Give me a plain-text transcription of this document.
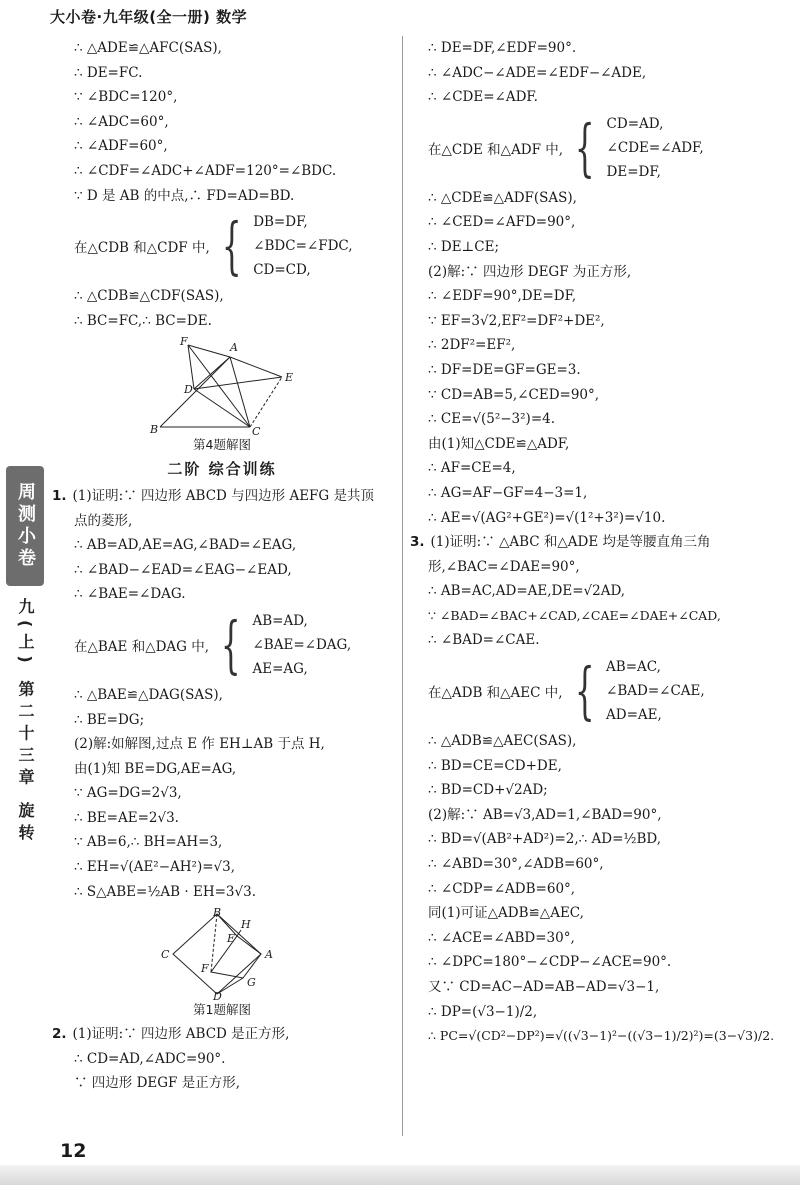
大小卷·九年级(全一册) 数学
周测小卷
九(上) 第二十三章 旋转
∴ △ADE≌△AFC(SAS),
∴ DE=FC.
∵ ∠BDC=120°,
∴ ∠ADC=60°,
∴ ∠ADF=60°,
∴ ∠CDF=∠ADC+∠ADF=120°=∠BDC.
∵ D 是 AB 的中点,∴ FD=AD=BD.
在△CDB 和△CDF 中, { DB=DF,
∠BDC=∠FDC,
CD=CD,
∴ △CDB≌△CDF(SAS),
∴ BC=FC,∴ BC=DE.
F	A
D
E
B	C
第4题解图
二阶 综合训练
1. (1)证明:∵ 四边形 ABCD 与四边形 AEFG 是共顶
点的菱形,
∴ AB=AD,AE=AG,∠BAD=∠EAG,
∴ ∠BAD−∠EAD=∠EAG−∠EAD,
∴ ∠BAE=∠DAG.
在△BAE 和△DAG 中, { AB=AD,
∠BAE=∠DAG,
AE=AG,
∴ △BAE≌△DAG(SAS),
∴ BE=DG;
(2)解:如解图,过点 E 作 EH⊥AB 于点 H,
由(1)知 BE=DG,AE=AG,
∵ AG=DG=2√3,
∴ BE=AE=2√3.
∵ AB=6,∴ BH=AH=3,
∴ EH=√(AE²−AH²)=√3,
∴ S△ABE=½AB · EH=3√3.
B
H
E
C	A
F
G
D
第1题解图
2. (1)证明:∵ 四边形 ABCD 是正方形,
∴ CD=AD,∠ADC=90°.
∵ 四边形 DEGF 是正方形,
∴ DE=DF,∠EDF=90°.
∴ ∠ADC−∠ADE=∠EDF−∠ADE,
∴ ∠CDE=∠ADF.
在△CDE 和△ADF 中, { CD=AD,
∠CDE=∠ADF,
DE=DF,
∴ △CDE≌△ADF(SAS),
∴ ∠CED=∠AFD=90°,
∴ DE⊥CE;
(2)解:∵ 四边形 DEGF 为正方形,
∴ ∠EDF=90°,DE=DF,
∵ EF=3√2,EF²=DF²+DE²,
∴ 2DF²=EF²,
∴ DF=DE=GF=GE=3.
∵ CD=AB=5,∠CED=90°,
∴ CE=√(5²−3²)=4.
由(1)知△CDE≌△ADF,
∴ AF=CE=4,
∴ AG=AF−GF=4−3=1,
∴ AE=√(AG²+GE²)=√(1²+3²)=√10.
3. (1)证明:∵ △ABC 和△ADE 均是等腰直角三角
形,∠BAC=∠DAE=90°,
∴ AB=AC,AD=AE,DE=√2AD,
∵ ∠BAD=∠BAC+∠CAD,∠CAE=∠DAE+∠CAD,
∴ ∠BAD=∠CAE.
在△ADB 和△AEC 中, { AB=AC,
∠BAD=∠CAE,
AD=AE,
∴ △ADB≌△AEC(SAS),
∴ BD=CE=CD+DE,
∴ BD=CD+√2AD;
(2)解:∵ AB=√3,AD=1,∠BAD=90°,
∴ BD=√(AB²+AD²)=2,∴ AD=½BD,
∴ ∠ABD=30°,∠ADB=60°,
∴ ∠CDP=∠ADB=60°,
同(1)可证△ADB≌△AEC,
∴ ∠ACE=∠ABD=30°,
∴ ∠DPC=180°−∠CDP−∠ACE=90°.
又∵ CD=AC−AD=AB−AD=√3−1,
∴ DP=(√3−1)/2,
∴ PC=√(CD²−DP²)=√((√3−1)²−((√3−1)/2)²)=(3−√3)/2.
12
